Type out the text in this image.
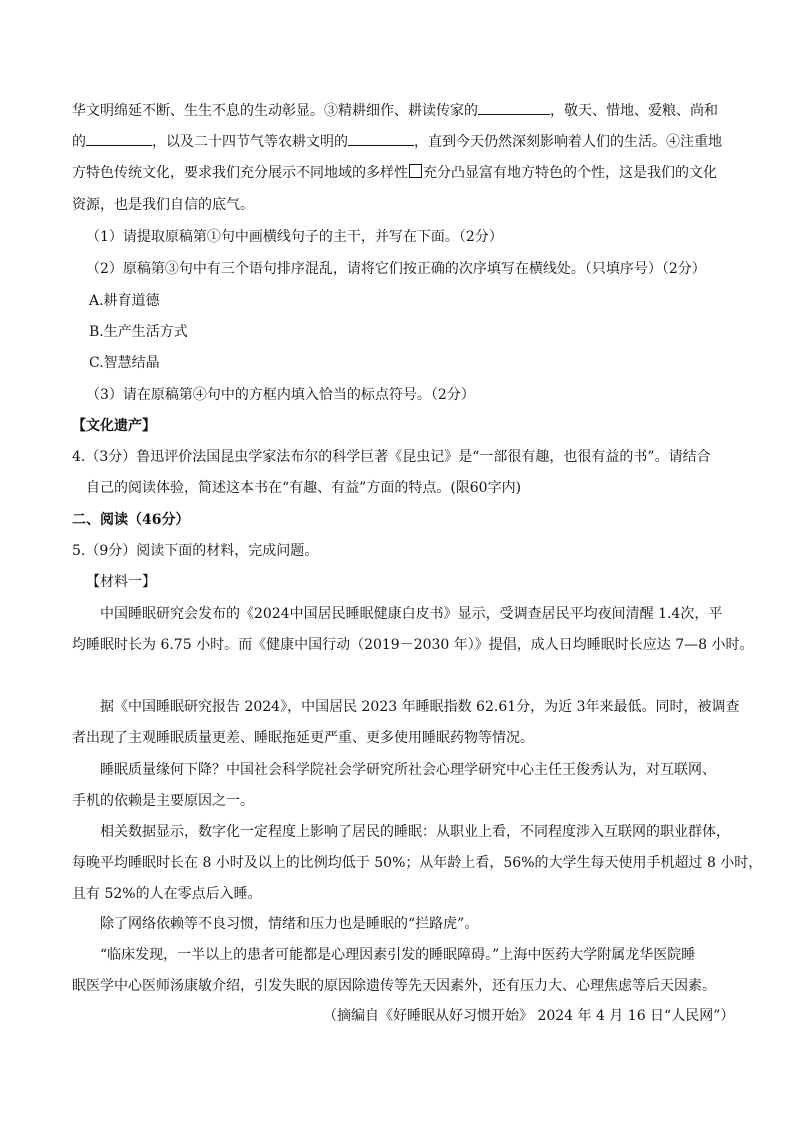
华文明绵延不断、生生不息的生动彰显。③精耕细作、耕读传家的	，敬天、惜地、爱粮、尚和
的	，以及二十四节气等农耕文明的	，直到今天仍然深刻影响着人们的生活。④注重地
方特色传统文化，要求我们充分展示不同地域的多样性 充分凸显富有地方特色的个性，这是我们的文化
资源，也是我们自信的底气。
（1）请提取原稿第①句中画横线句子的主干，并写在下面。（2分）
（2）原稿第③句中有三个语句排序混乱，请将它们按正确的次序填写在横线处。（只填序号）（2分）
A.耕育道德
B.生产生活方式
C.智慧结晶
（3）请在原稿第④句中的方框内填入恰当的标点符号。（2分）
【文化遗产】
4.（3分）鲁迅评价法国昆虫学家法布尔的科学巨著《昆虫记》是“一部很有趣，也很有益的书”。请结合
自己的阅读体验，简述这本书在“有趣、有益”方面的特点。(限60字内)
二、阅读（46分）
5.（9分）阅读下面的材料，完成问题。
【材料一】
中国睡眠研究会发布的《2024中国居民睡眠健康白皮书》显示，受调查居民平均夜间清醒 1.4次，平
均睡眠时长为 6.75 小时。而《健康中国行动（2019－2030 年）》提倡，成人日均睡眠时长应达 7—8 小时。
据《中国睡眠研究报告 2024》，中国居民 2023 年睡眠指数 62.61分，为近 3年来最低。同时，被调查
者出现了主观睡眠质量更差、睡眠拖延更严重、更多使用睡眠药物等情况。
睡眠质量缘何下降？中国社会科学院社会学研究所社会心理学研究中心主任王俊秀认为，对互联网、
手机的依赖是主要原因之一。
相关数据显示，数字化一定程度上影响了居民的睡眠：从职业上看，不同程度涉入互联网的职业群体，
每晚平均睡眠时长在 8 小时及以上的比例均低于 50%；从年龄上看，56%的大学生每天使用手机超过 8 小时，
且有 52%的人在零点后入睡。
除了网络依赖等不良习惯，情绪和压力也是睡眠的“拦路虎”。
“临床发现，一半以上的患者可能都是心理因素引发的睡眠障碍。”上海中医药大学附属龙华医院睡
眠医学中心医师汤康敏介绍，引发失眠的原因除遗传等先天因素外，还有压力大、心理焦虑等后天因素。
（摘编自《好睡眠从好习惯开始》 2024 年 4 月 16 日“人民网”）
